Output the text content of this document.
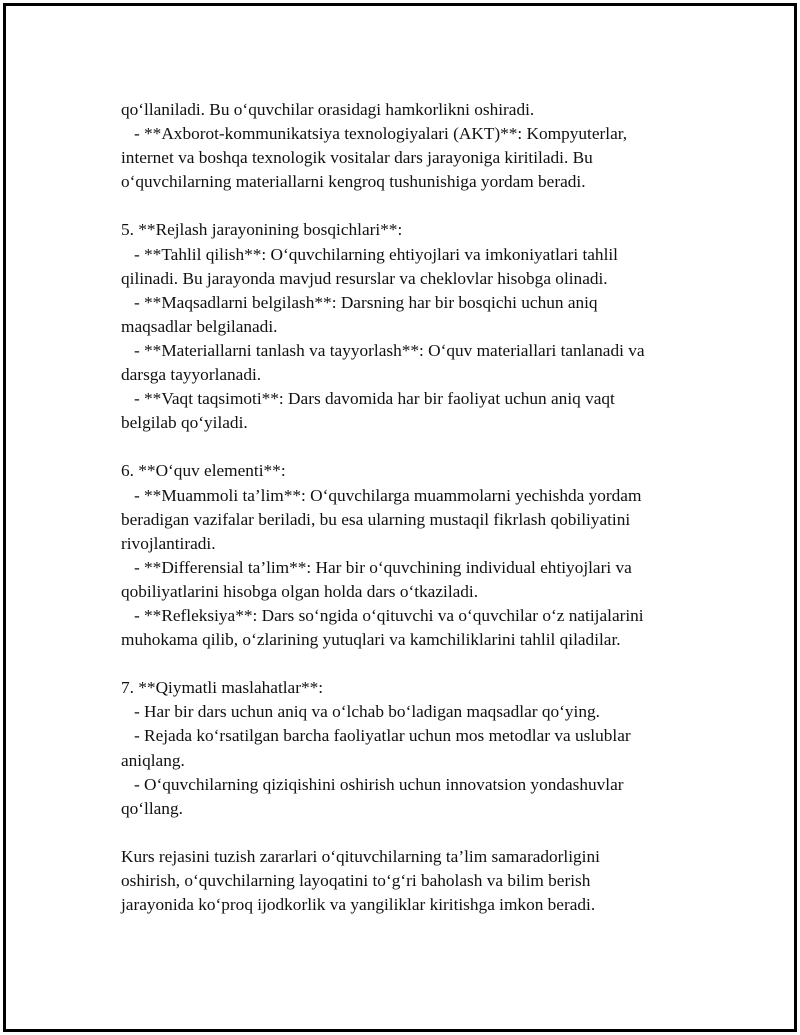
qo‘llaniladi. Bu o‘quvchilar orasidagi hamkorlikni oshiradi.
- **Axborot-kommunikatsiya texnologiyalari (AKT)**: Kompyuterlar,
internet va boshqa texnologik vositalar dars jarayoniga kiritiladi. Bu
o‘quvchilarning materiallarni kengroq tushunishiga yordam beradi.
5. **Rejlash jarayonining bosqichlari**:
- **Tahlil qilish**: O‘quvchilarning ehtiyojlari va imkoniyatlari tahlil
qilinadi. Bu jarayonda mavjud resurslar va cheklovlar hisobga olinadi.
- **Maqsadlarni belgilash**: Darsning har bir bosqichi uchun aniq
maqsadlar belgilanadi.
- **Materiallarni tanlash va tayyorlash**: O‘quv materiallari tanlanadi va
darsga tayyorlanadi.
- **Vaqt taqsimoti**: Dars davomida har bir faoliyat uchun aniq vaqt
belgilab qo‘yiladi.
6. **O‘quv elementi**:
- **Muammoli ta’lim**: O‘quvchilarga muammolarni yechishda yordam
beradigan vazifalar beriladi, bu esa ularning mustaqil fikrlash qobiliyatini
rivojlantiradi.
- **Differensial ta’lim**: Har bir o‘quvchining individual ehtiyojlari va
qobiliyatlarini hisobga olgan holda dars o‘tkaziladi.
- **Refleksiya**: Dars so‘ngida o‘qituvchi va o‘quvchilar o‘z natijalarini
muhokama qilib, o‘zlarining yutuqlari va kamchiliklarini tahlil qiladilar.
7. **Qiymatli maslahatlar**:
- Har bir dars uchun aniq va o‘lchab bo‘ladigan maqsadlar qo‘ying.
- Rejada ko‘rsatilgan barcha faoliyatlar uchun mos metodlar va uslublar
aniqlang.
- O‘quvchilarning qiziqishini oshirish uchun innovatsion yondashuvlar
qo‘llang.
Kurs rejasini tuzish zararlari o‘qituvchilarning ta’lim samaradorligini
oshirish, o‘quvchilarning layoqatini to‘g‘ri baholash va bilim berish
jarayonida ko‘proq ijodkorlik va yangiliklar kiritishga imkon beradi.
